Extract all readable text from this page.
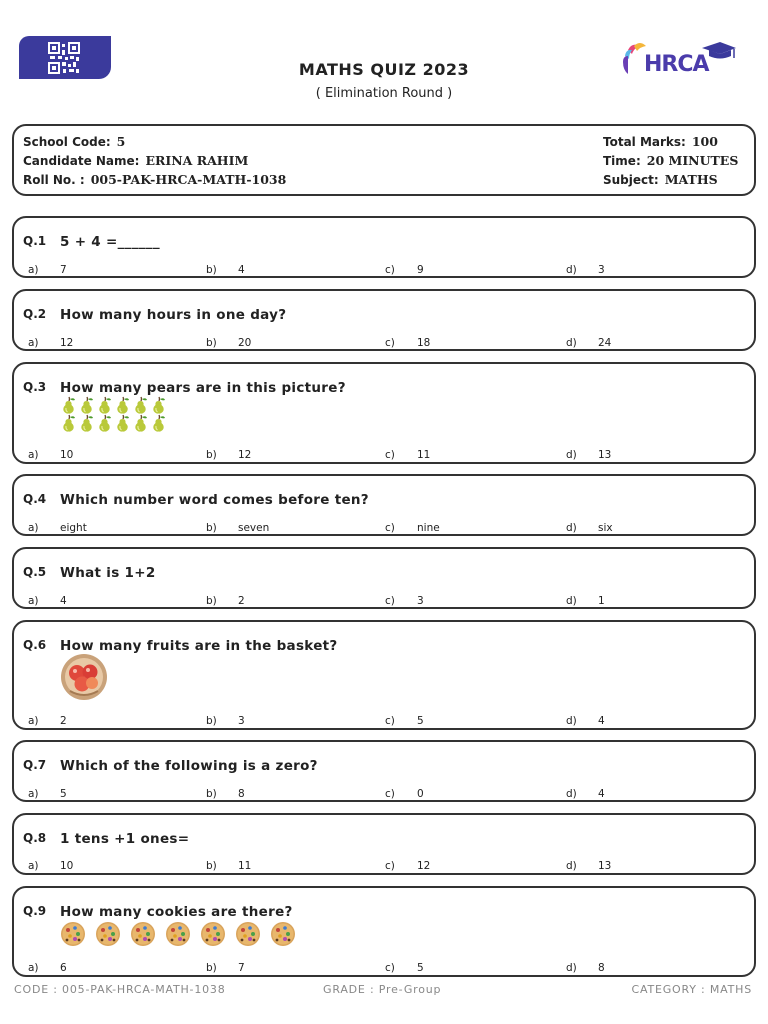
HRCA
MATHS QUIZ 2023
( Elimination Round )
School Code: 5
Candidate Name: ERINA RAHIM
Roll No. : 005-PAK-HRCA-MATH-1038
Total Marks: 100
Time: 20 MINUTES
Subject: MATHS
Q.1 5 + 4 =______
a) 7	b) 4	c) 9	d) 3
Q.2 How many hours in one day?
a) 12	b) 20	c) 18	d) 24
Q.3 How many pears are in this picture?
a) 10	b) 12	c) 11	d) 13
Q.4 Which number word comes before ten?
a) eight	b) seven	c) nine	d) six
Q.5 What is 1+2
a) 4	b) 2	c) 3	d) 1
Q.6 How many fruits are in the basket?
a) 2	b) 3	c) 5	d) 4
Q.7 Which of the following is a zero?
a) 5	b) 8	c) 0	d) 4
Q.8 1 tens +1 ones=
a) 10	b) 11	c) 12	d) 13
Q.9 How many cookies are there?
a) 6	b) 7	c) 5	d) 8
CODE : 005-PAK-HRCA-MATH-1038	GRADE : Pre-Group	CATEGORY : MATHS
